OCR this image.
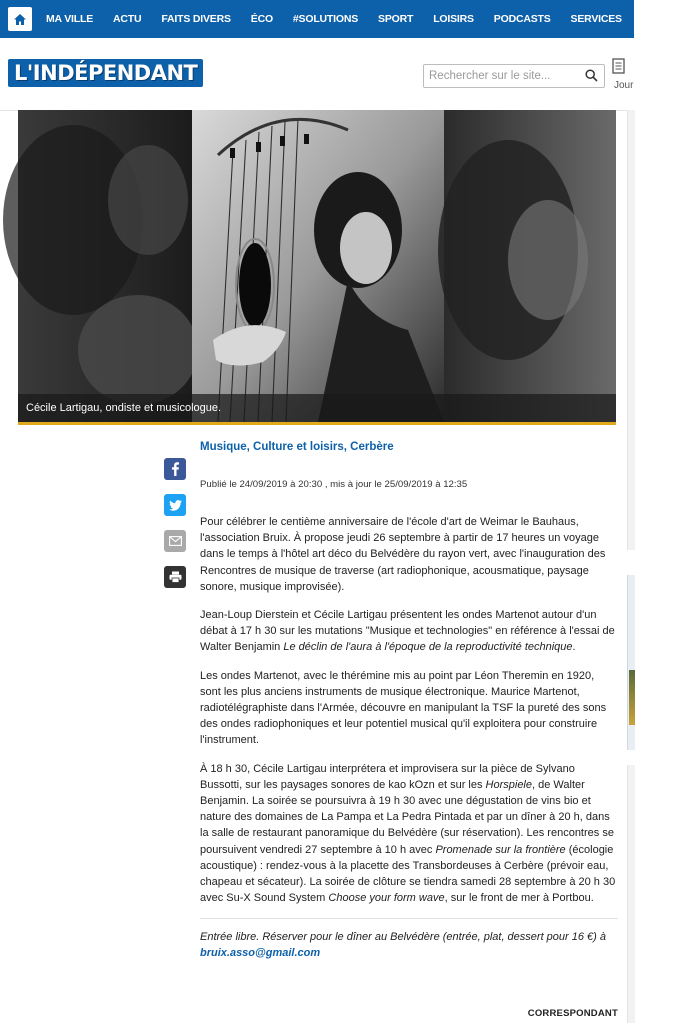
MA VILLE ACTU FAITS DIVERS ÉCO #SOLUTIONS SPORT LOISIRS PODCASTS SERVICES ANNO
L'INDÉPENDANT
Rechercher sur le site...
Jour
Cécile Lartigau, ondiste et musicologue.
Musique, Culture et loisirs, Cerbère
Publié le 24/09/2019 à 20:30 , mis à jour le 25/09/2019 à 12:35

Pour célébrer le centième anniversaire de l'école d'art de Weimar le Bauhaus, l'association Bruix. À propose jeudi 26 septembre à partir de 17 heures un voyage dans le temps à l'hôtel art déco du Belvédère du rayon vert, avec l'inauguration des Rencontres de musique de traverse (art radiophonique, acousmatique, paysage sonore, musique improvisée).

Jean-Loup Dierstein et Cécile Lartigau présentent les ondes Martenot autour d'un débat à 17 h 30 sur les mutations "Musique et technologies" en référence à l'essai de Walter Benjamin Le déclin de l'aura à l'époque de la reproductivité technique.

Les ondes Martenot, avec le thérémine mis au point par Léon Theremin en 1920, sont les plus anciens instruments de musique électronique. Maurice Martenot, radiotélégraphiste dans l'Armée, découvre en manipulant la TSF la pureté des sons des ondes radiophoniques et leur potentiel musical qu'il exploitera pour construire l'instrument.

À 18 h 30, Cécile Lartigau interprétera et improvisera sur la pièce de Sylvano Bussotti, sur les paysages sonores de kao kOzn et sur les Horspiele, de Walter Benjamin. La soirée se poursuivra à 19 h 30 avec une dégustation de vins bio et nature des domaines de La Pampa et La Pedra Pintada et par un dîner à 20 h, dans la salle de restaurant panoramique du Belvédère (sur réservation). Les rencontres se poursuivent vendredi 27 septembre à 10 h avec Promenade sur la frontière (écologie acoustique) : rendez-vous à la placette des Transbordeuses à Cerbère (prévoir eau, chapeau et sécateur). La soirée de clôture se tiendra samedi 28 septembre à 20 h 30 avec Su-X Sound System Choose your form wave, sur le front de mer à Portbou.

Entrée libre. Réserver pour le dîner au Belvédère (entrée, plat, dessert pour 16 €) à bruix.asso@gmail.com
CORRESPONDANT
